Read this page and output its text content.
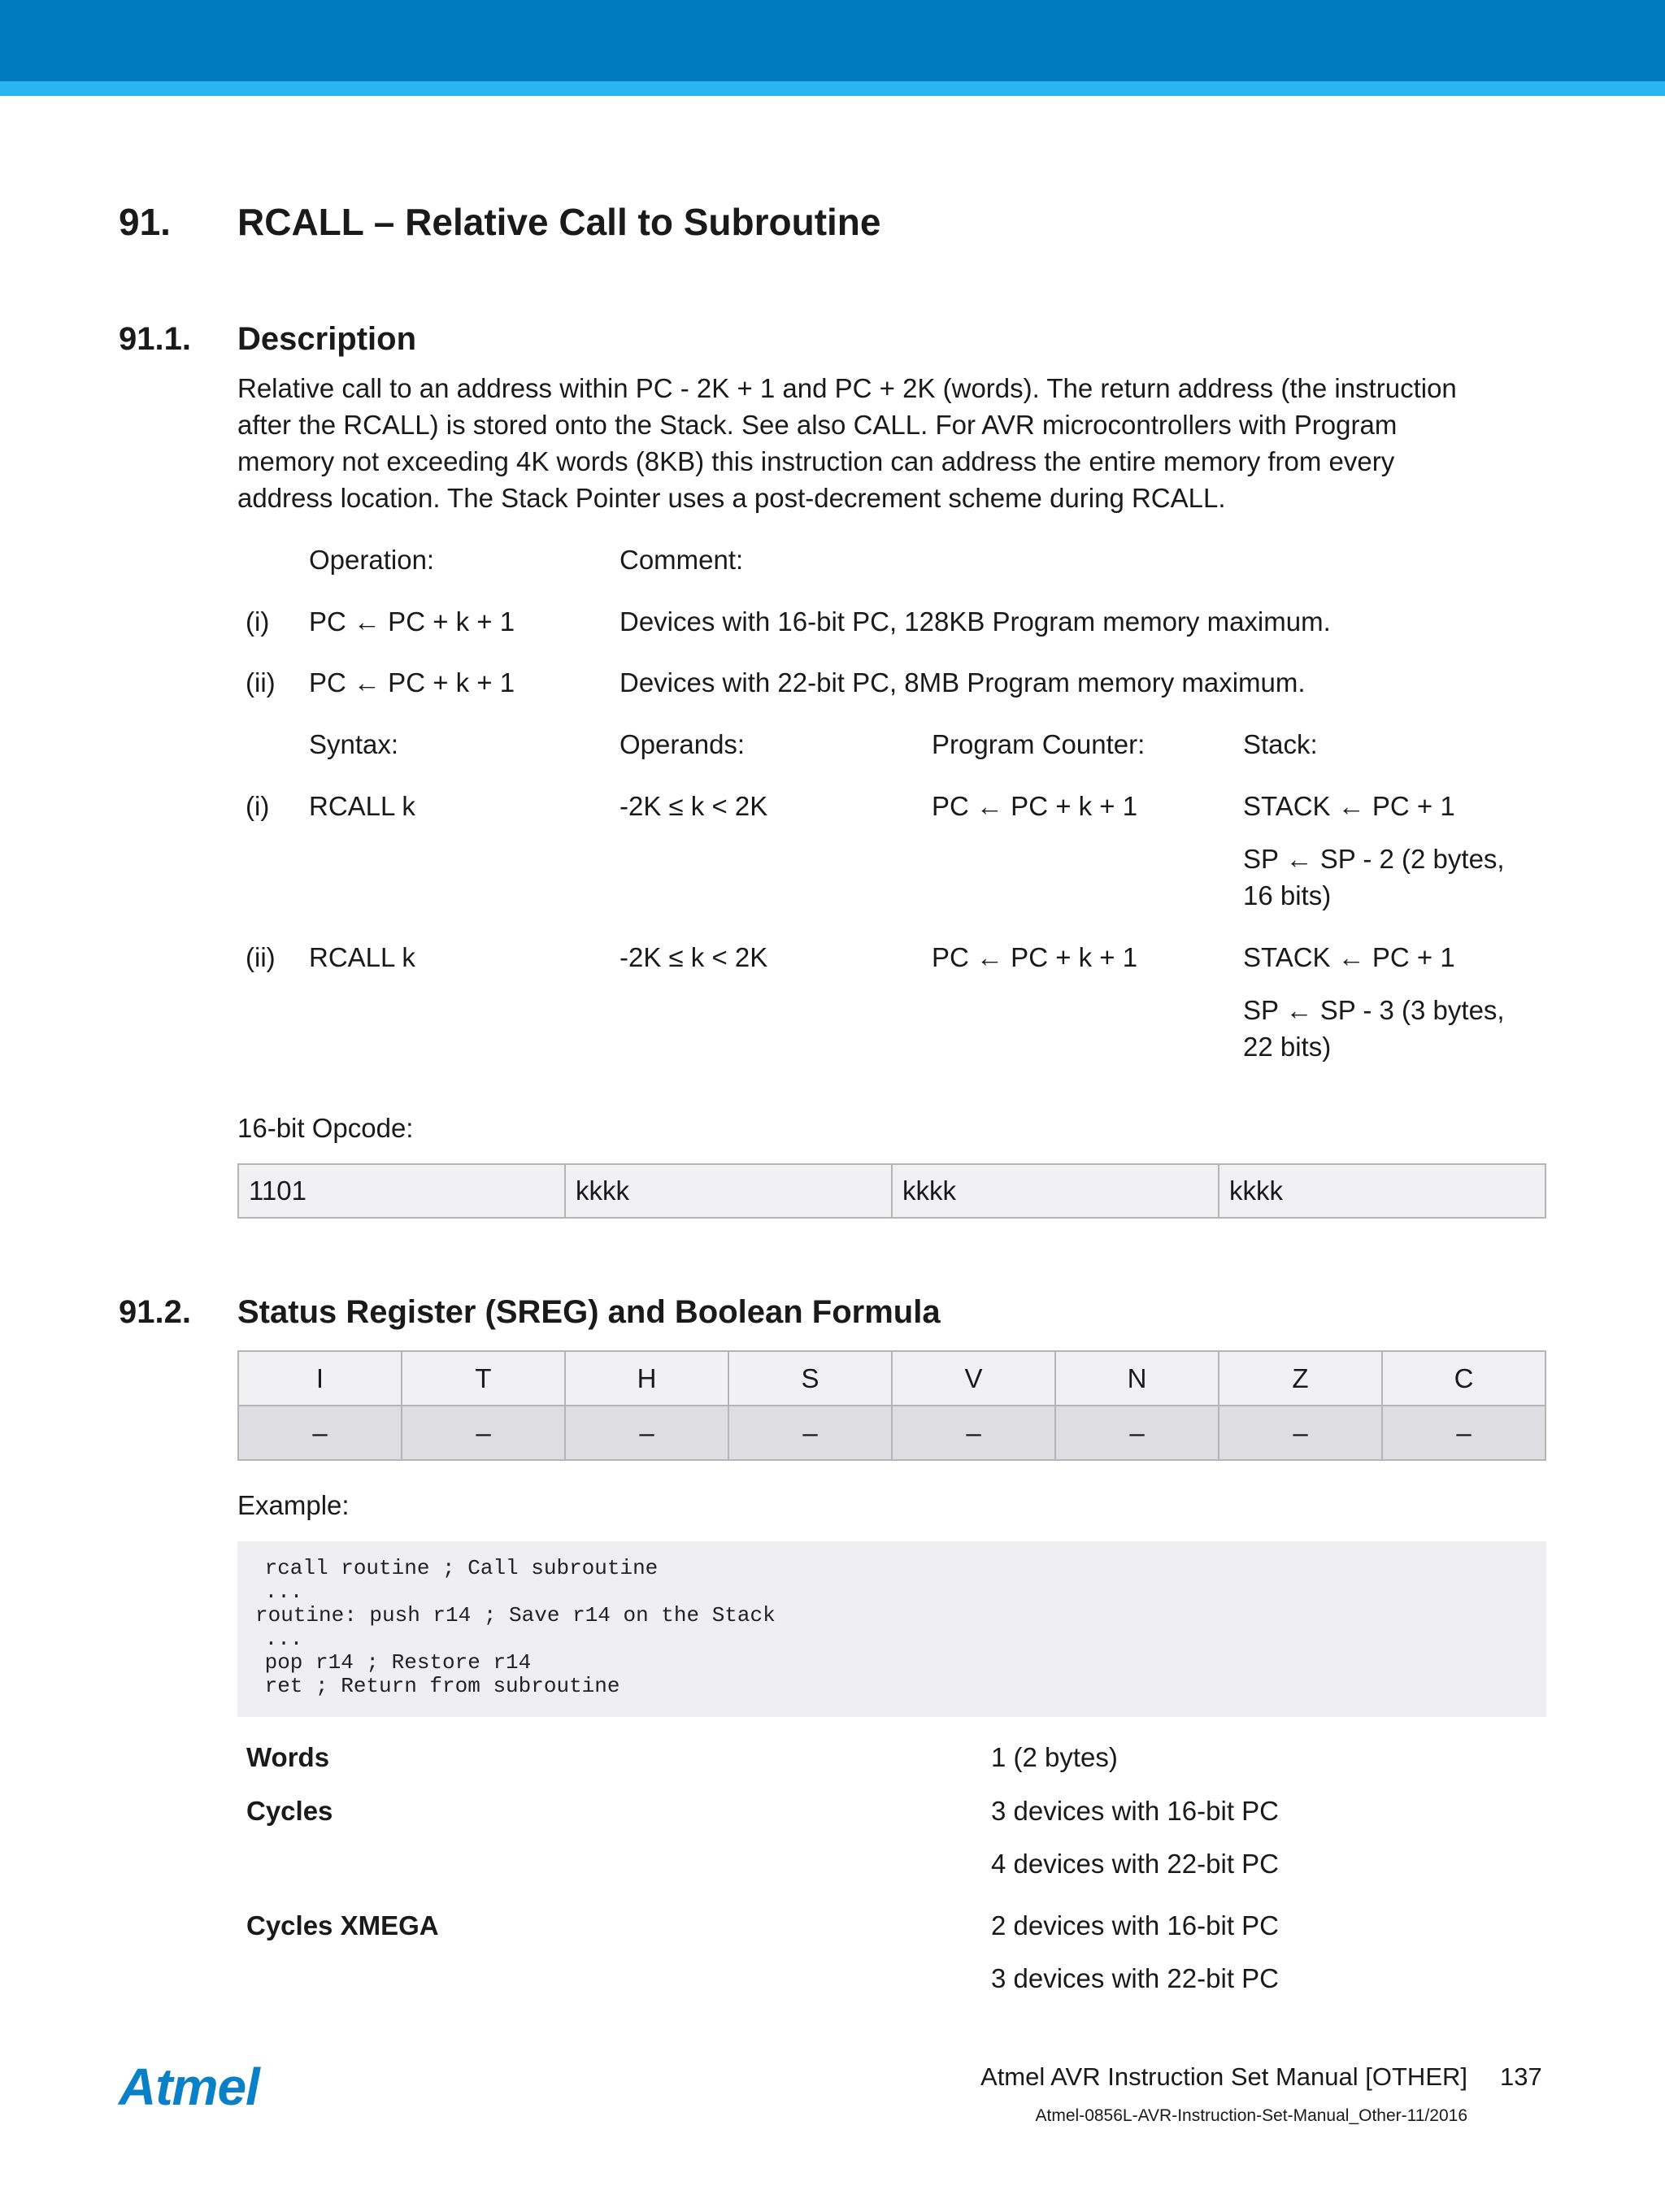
91. RCALL – Relative Call to Subroutine
91.1. Description
Relative call to an address within PC - 2K + 1 and PC + 2K (words). The return address (the instruction
after the RCALL) is stored onto the Stack. See also CALL. For AVR microcontrollers with Program
memory not exceeding 4K words (8KB) this instruction can address the entire memory from every
address location. The Stack Pointer uses a post-decrement scheme during RCALL.
Operation:	Comment:
(i) PC ← PC + k + 1	Devices with 16-bit PC, 128KB Program memory maximum.
(ii) PC ← PC + k + 1	Devices with 22-bit PC, 8MB Program memory maximum.
Syntax:	Operands:	Program Counter:	Stack:
(i) RCALL k	-2K ≤ k < 2K	PC ← PC + k + 1	STACK ← PC + 1
SP ← SP - 2 (2 bytes,
16 bits)
(ii) RCALL k	-2K ≤ k < 2K	PC ← PC + k + 1	STACK ← PC + 1
SP ← SP - 3 (3 bytes,
22 bits)
16-bit Opcode:
1101	kkkk	kkkk	kkkk
91.2. Status Register (SREG) and Boolean Formula
I	T	H	S	V	N	Z	C
–	–	–	–	–	–	–	–
Example:
rcall routine ; Call subroutine
...
routine: push r14 ; Save r14 on the Stack
...
pop r14 ; Restore r14
ret ; Return from subroutine
Words	1 (2 bytes)
Cycles	3 devices with 16-bit PC
4 devices with 22-bit PC
Cycles XMEGA	2 devices with 16-bit PC
3 devices with 22-bit PC
Atmel	Atmel AVR Instruction Set Manual [OTHER] 137
Atmel-0856L-AVR-Instruction-Set-Manual_Other-11/2016
